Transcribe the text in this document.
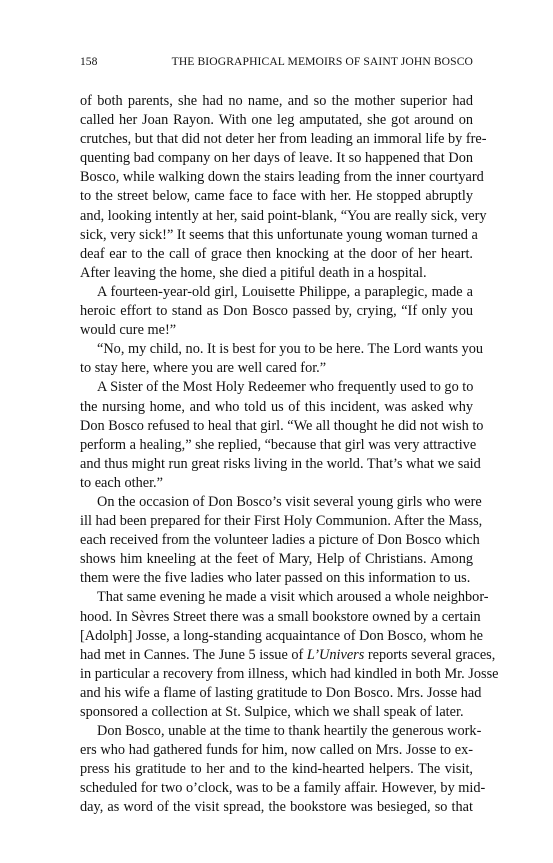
158	THE BIOGRAPHICAL MEMOIRS OF SAINT JOHN BOSCO
of both parents, she had no name, and so the mother superior had
called her Joan Rayon. With one leg amputated, she got around on
crutches, but that did not deter her from leading an immoral life by fre-
quenting bad company on her days of leave. It so happened that Don
Bosco, while walking down the stairs leading from the inner courtyard
to the street below, came face to face with her. He stopped abruptly
and, looking intently at her, said point-blank, “You are really sick, very
sick, very sick!” It seems that this unfortunate young woman turned a
deaf ear to the call of grace then knocking at the door of her heart.
After leaving the home, she died a pitiful death in a hospital.
A fourteen-year-old girl, Louisette Philippe, a paraplegic, made a
heroic effort to stand as Don Bosco passed by, crying, “If only you
would cure me!”
“No, my child, no. It is best for you to be here. The Lord wants you
to stay here, where you are well cared for.”
A Sister of the Most Holy Redeemer who frequently used to go to
the nursing home, and who told us of this incident, was asked why
Don Bosco refused to heal that girl. “We all thought he did not wish to
perform a healing,” she replied, “because that girl was very attractive
and thus might run great risks living in the world. That’s what we said
to each other.”
On the occasion of Don Bosco’s visit several young girls who were
ill had been prepared for their First Holy Communion. After the Mass,
each received from the volunteer ladies a picture of Don Bosco which
shows him kneeling at the feet of Mary, Help of Christians. Among
them were the five ladies who later passed on this information to us.
That same evening he made a visit which aroused a whole neighbor-
hood. In Sèvres Street there was a small bookstore owned by a certain
[Adolph] Josse, a long-standing acquaintance of Don Bosco, whom he
had met in Cannes. The June 5 issue of L’Univers reports several graces,
in particular a recovery from illness, which had kindled in both Mr. Josse
and his wife a flame of lasting gratitude to Don Bosco. Mrs. Josse had
sponsored a collection at St. Sulpice, which we shall speak of later.
Don Bosco, unable at the time to thank heartily the generous work-
ers who had gathered funds for him, now called on Mrs. Josse to ex-
press his gratitude to her and to the kind-hearted helpers. The visit,
scheduled for two o’clock, was to be a family affair. However, by mid-
day, as word of the visit spread, the bookstore was besieged, so that
